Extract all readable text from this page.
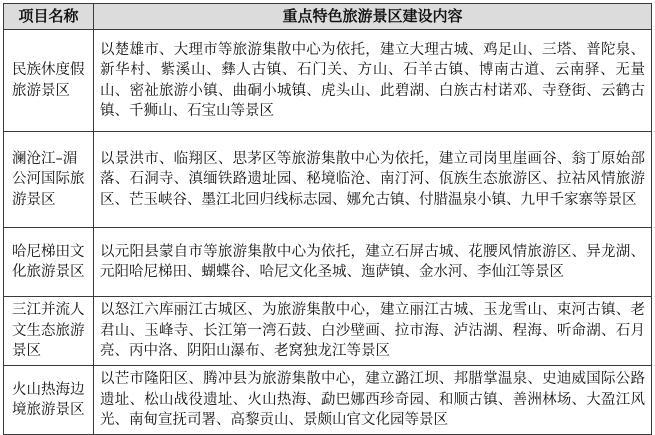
项目名称	重点特色旅游景区建设内容
民族休度假旅游景区	以楚雄市、大理市等旅游集散中心为依托，建立大理古城、鸡足山、三塔、普陀泉、新华村、紫溪山、彝人古镇、石门关、方山、石羊古镇、博南古道、云南驿、无量山、密祉旅游小镇、曲硐小城镇、虎头山、此碧湖、白族古村诺邓、寺登街、云鹤古镇、千狮山、石宝山等景区
澜沧江–湄公河国际旅游景区	以景洪市、临翔区、思茅区等旅游集散中心为依托，建立司岗里崖画谷、翁丁原始部落、石洞寺、滇缅铁路遗址园、秘境临沧、南汀河、佤族生态旅游区、拉祜风情旅游区、芒玉峡谷、墨江北回归线标志园、娜允古镇、付腊温泉小镇、九甲千家寨等景区
哈尼梯田文化旅游景区	以元阳县蒙自市等旅游集散中心为依托，建立石屏古城、花腰风情旅游区、异龙湖、元阳哈尼梯田、蝴蝶谷、哈尼文化圣城、迤萨镇、金水河、李仙江等景区
三江并流人文生态旅游景区	以怒江六库丽江古城区、为旅游集散中心，建立丽江古城、玉龙雪山、束河古镇、老君山、玉峰寺、长江第一湾石鼓、白沙壁画、拉市海、泸沽湖、程海、听命湖、石月亮、丙中洛、阴阳山瀑布、老窝独龙江等景区
火山热海边境旅游景区	以芒市隆阳区、腾冲县为旅游集散中心，建立潞江坝、邦腊掌温泉、史迪威国际公路遗址、松山战役遗址、火山热海、勐巴娜西珍奇园、和顺古镇、善洲林场、大盈江风光、南甸宣抚司署、高黎贡山、景颇山官文化园等景区
